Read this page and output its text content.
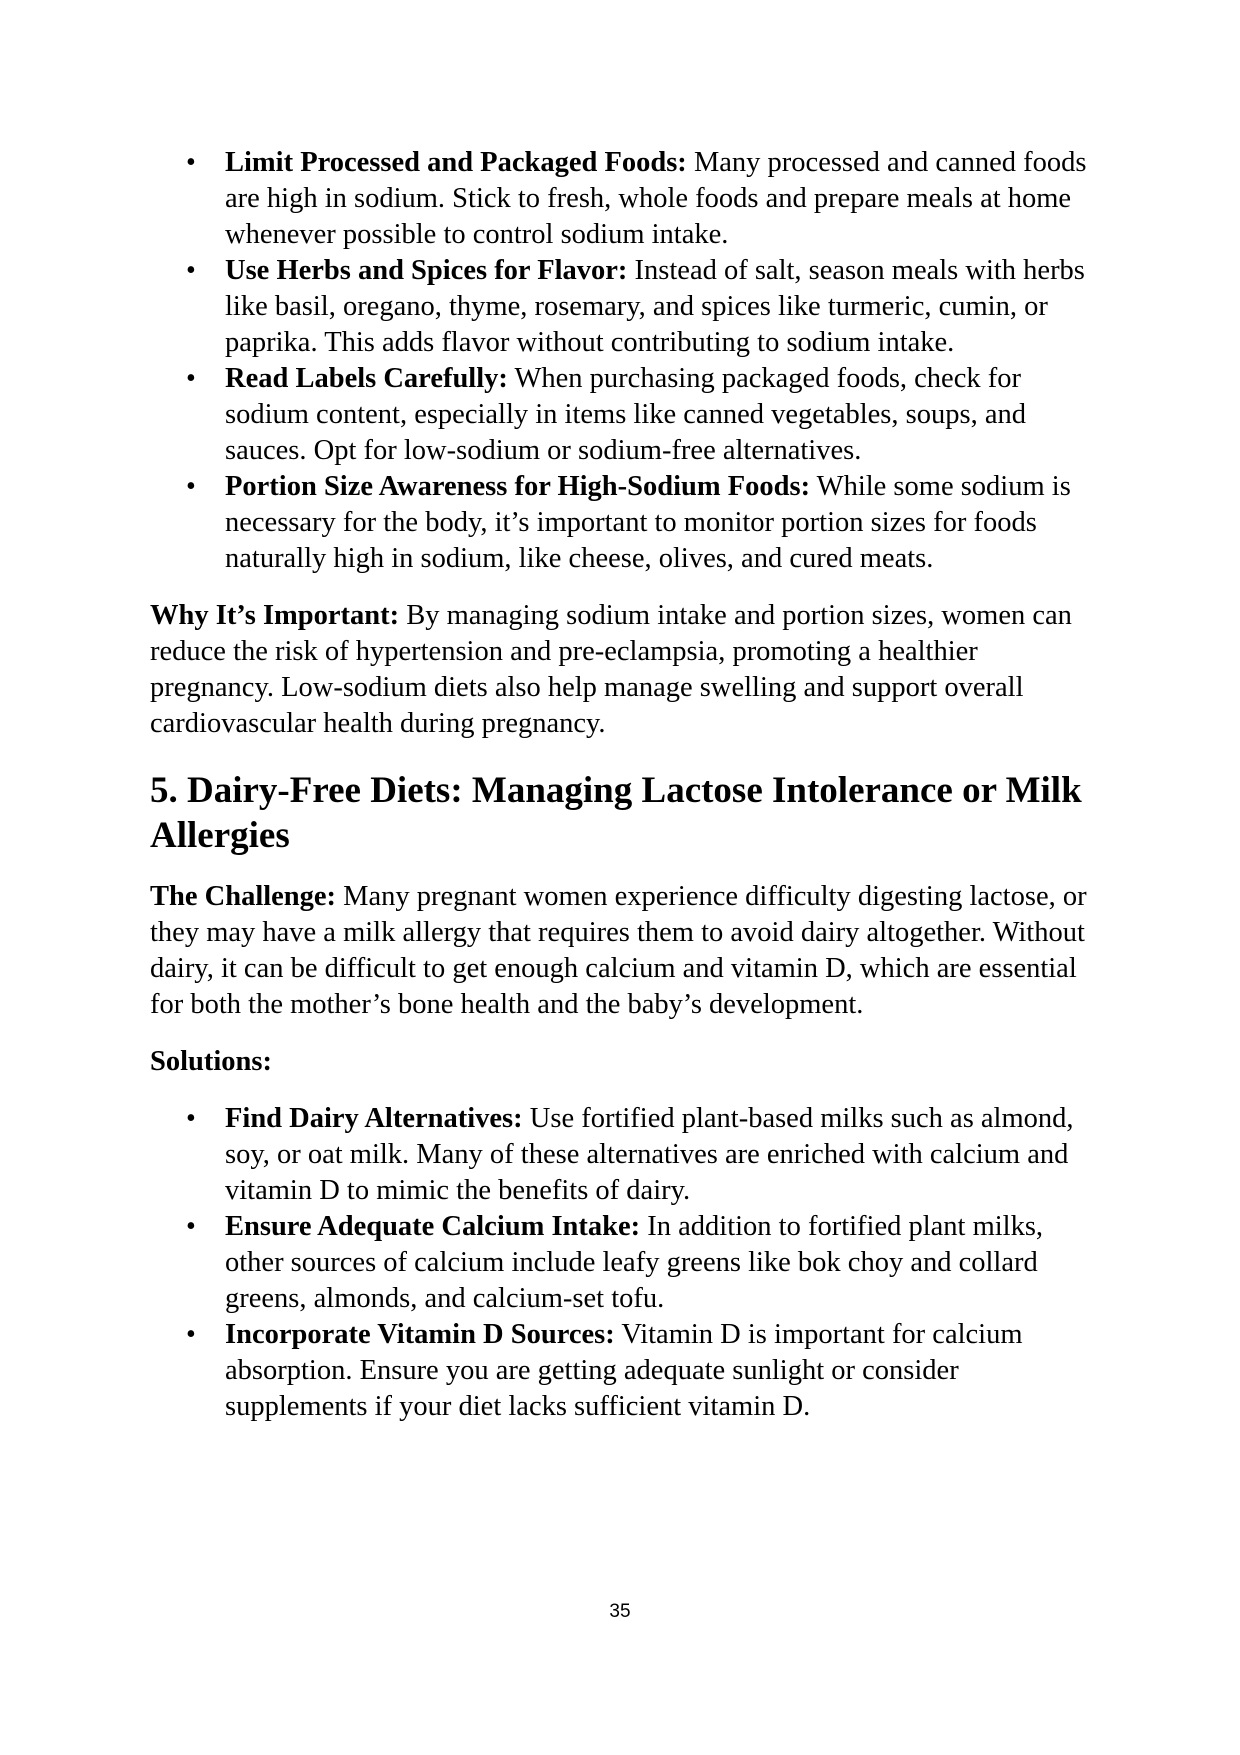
• Limit Processed and Packaged Foods: Many processed and canned foods are high in sodium. Stick to fresh, whole foods and prepare meals at home whenever possible to control sodium intake.
• Use Herbs and Spices for Flavor: Instead of salt, season meals with herbs like basil, oregano, thyme, rosemary, and spices like turmeric, cumin, or paprika. This adds flavor without contributing to sodium intake.
• Read Labels Carefully: When purchasing packaged foods, check for sodium content, especially in items like canned vegetables, soups, and sauces. Opt for low-sodium or sodium-free alternatives.
• Portion Size Awareness for High-Sodium Foods: While some sodium is necessary for the body, it’s important to monitor portion sizes for foods naturally high in sodium, like cheese, olives, and cured meats.

Why It’s Important: By managing sodium intake and portion sizes, women can reduce the risk of hypertension and pre-eclampsia, promoting a healthier pregnancy. Low-sodium diets also help manage swelling and support overall cardiovascular health during pregnancy.

5. Dairy-Free Diets: Managing Lactose Intolerance or Milk Allergies

The Challenge: Many pregnant women experience difficulty digesting lactose, or they may have a milk allergy that requires them to avoid dairy altogether. Without dairy, it can be difficult to get enough calcium and vitamin D, which are essential for both the mother’s bone health and the baby’s development.

Solutions:

• Find Dairy Alternatives: Use fortified plant-based milks such as almond, soy, or oat milk. Many of these alternatives are enriched with calcium and vitamin D to mimic the benefits of dairy.
• Ensure Adequate Calcium Intake: In addition to fortified plant milks, other sources of calcium include leafy greens like bok choy and collard greens, almonds, and calcium-set tofu.
• Incorporate Vitamin D Sources: Vitamin D is important for calcium absorption. Ensure you are getting adequate sunlight or consider supplements if your diet lacks sufficient vitamin D.
35
